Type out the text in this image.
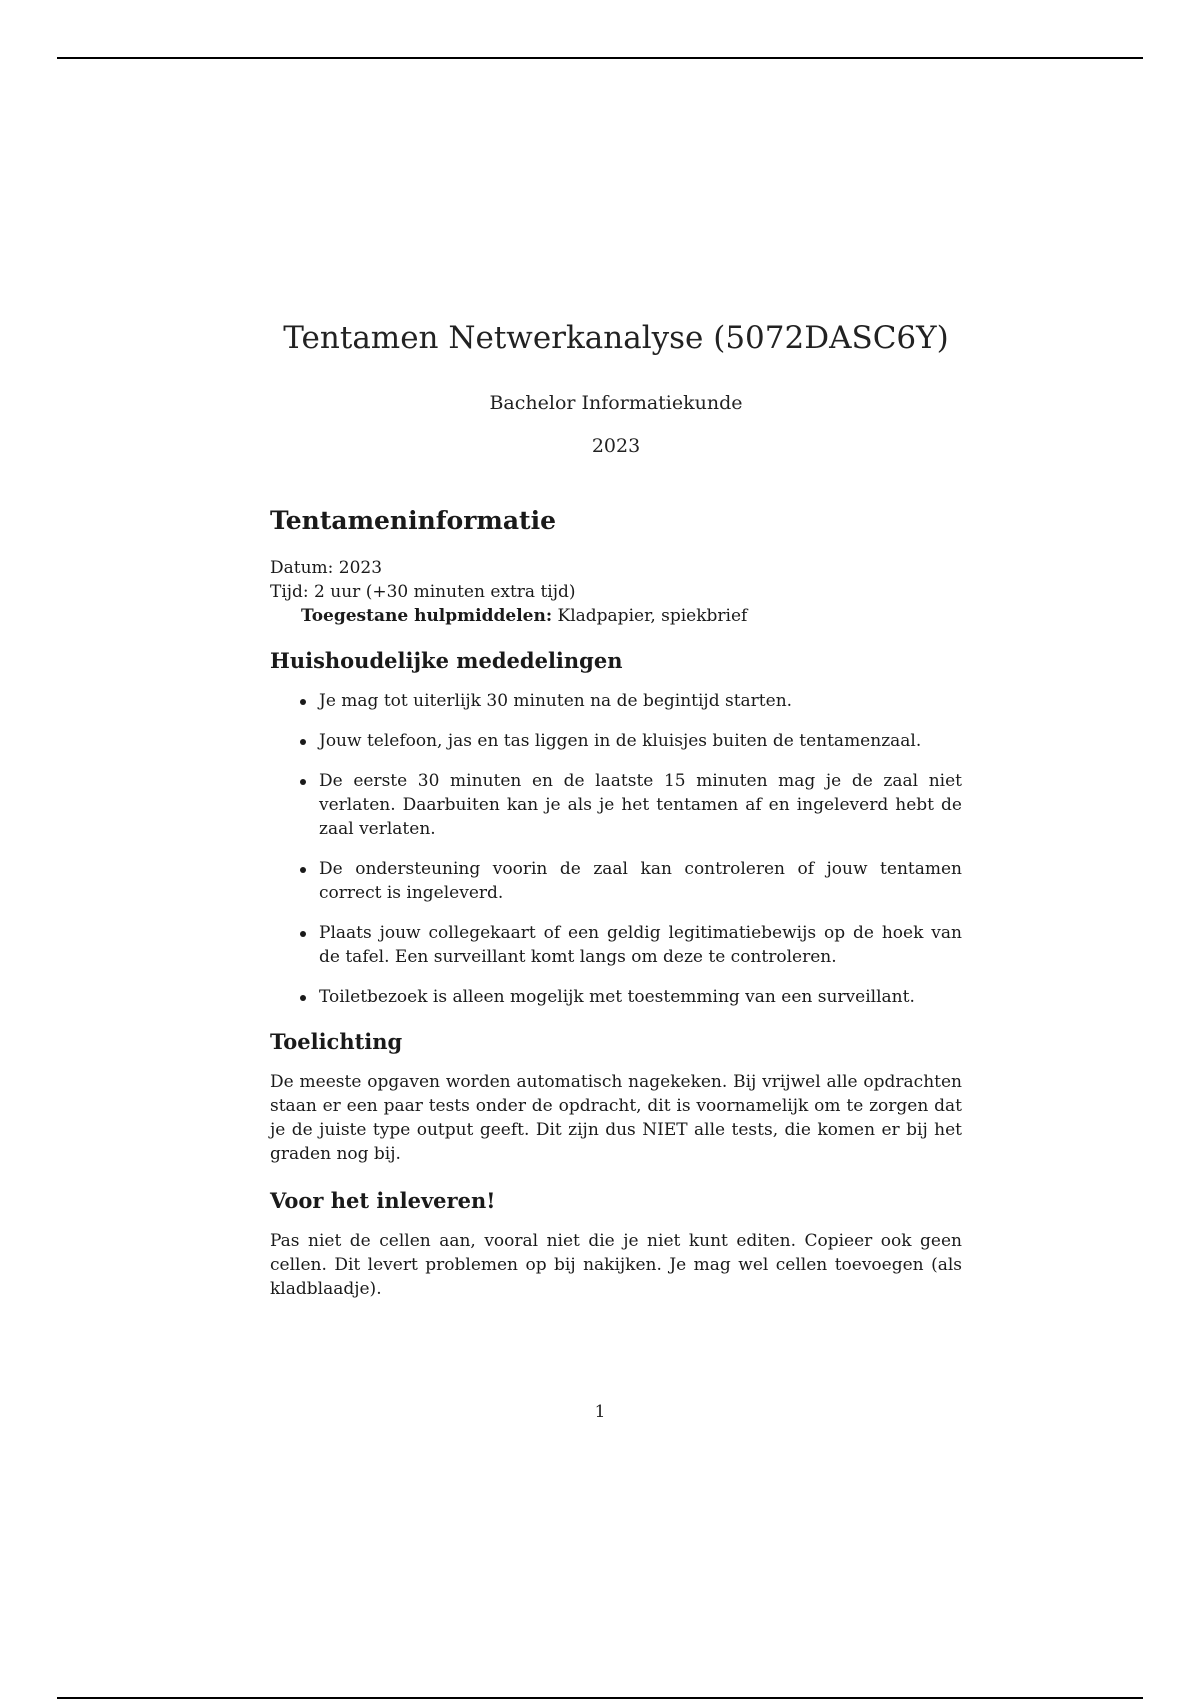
Tentamen Netwerkanalyse (5072DASC6Y)
Bachelor Informatiekunde
2023
Tentameninformatie

Datum: 2023

Tijd: 2 uur (+30 minuten extra tijd)

Toegestane hulpmiddelen: Kladpapier, spiekbrief

Huishoudelijke mededelingen
Je mag tot uiterlijk 30 minuten na de begintijd starten.
Jouw telefoon, jas en tas liggen in de kluisjes buiten de tentamenzaal.
De eerste 30 minuten en de laatste 15 minuten mag je de zaal niet verlaten. Daarbuiten kan je als je het tentamen af en ingeleverd hebt de zaal verlaten.
De ondersteuning voorin de zaal kan controleren of jouw tentamen correct is ingeleverd.
Plaats jouw collegekaart of een geldig legitimatiebewijs op de hoek van de tafel. Een surveillant komt langs om deze te controleren.
Toiletbezoek is alleen mogelijk met toestemming van een surveillant.
Toelichting

De meeste opgaven worden automatisch nagekeken. Bij vrijwel alle opdrachten staan er een paar tests onder de opdracht, dit is voornamelijk om te zorgen dat je de juiste type output geeft. Dit zijn dus NIET alle tests, die komen er bij het graden nog bij.

Voor het inleveren!

Pas niet de cellen aan, vooral niet die je niet kunt editen. Copieer ook geen cellen. Dit levert problemen op bij nakijken. Je mag wel cellen toevoegen (als kladblaadje).

1
